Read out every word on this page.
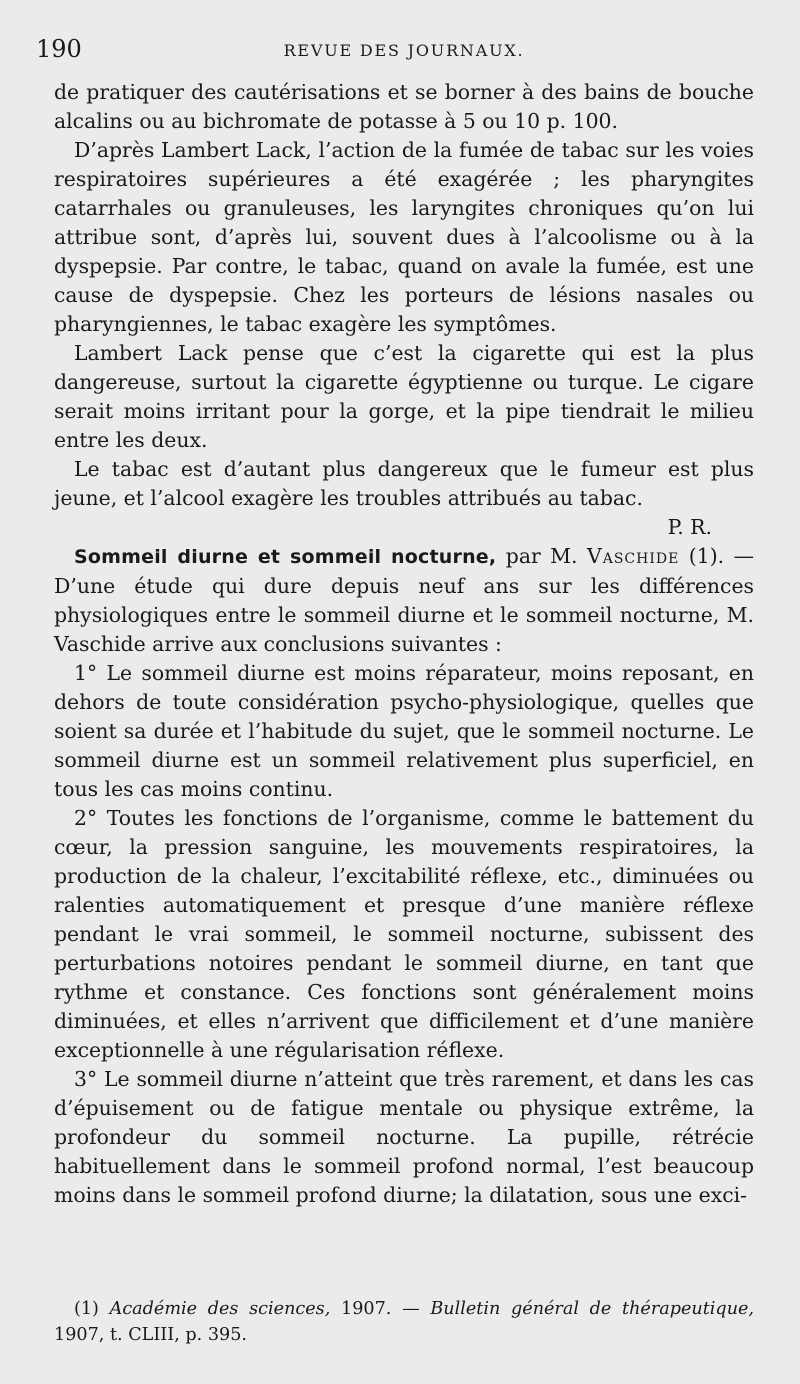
190	REVUE DES JOURNAUX.

de pratiquer des cautérisations et se borner à des bains de bouche alcalins ou au bichromate de potasse à 5 ou 10 p. 100.

D’après Lambert Lack, l’action de la fumée de tabac sur les voies respiratoires supérieures a été exagérée ; les pharyngites catarrhales ou granuleuses, les laryngites chroniques qu’on lui attribue sont, d’après lui, souvent dues à l’alcoolisme ou à la dyspepsie. Par contre, le tabac, quand on avale la fumée, est une cause de dyspepsie. Chez les porteurs de lésions nasales ou pharyngiennes, le tabac exagère les symptômes.

Lambert Lack pense que c’est la cigarette qui est la plus dangereuse, surtout la cigarette égyptienne ou turque. Le cigare serait moins irritant pour la gorge, et la pipe tiendrait le milieu entre les deux.

Le tabac est d’autant plus dangereux que le fumeur est plus jeune, et l’alcool exagère les troubles attribués au tabac.

P. R.

Sommeil diurne et sommeil nocturne, par M. Vaschide (1). — D’une étude qui dure depuis neuf ans sur les différences physiologiques entre le sommeil diurne et le sommeil nocturne, M. Vaschide arrive aux conclusions suivantes :

1° Le sommeil diurne est moins réparateur, moins reposant, en dehors de toute considération psycho-physiologique, quelles que soient sa durée et l’habitude du sujet, que le sommeil nocturne. Le sommeil diurne est un sommeil relativement plus superficiel, en tous les cas moins continu.

2° Toutes les fonctions de l’organisme, comme le battement du cœur, la pression sanguine, les mouvements respiratoires, la production de la chaleur, l’excitabilité réflexe, etc., diminuées ou ralenties automatiquement et presque d’une manière réflexe pendant le vrai sommeil, le sommeil nocturne, subissent des perturbations notoires pendant le sommeil diurne, en tant que rythme et constance. Ces fonctions sont généralement moins diminuées, et elles n’arrivent que difficilement et d’une manière exceptionnelle à une régularisation réflexe.

3° Le sommeil diurne n’atteint que très rarement, et dans les cas d’épuisement ou de fatigue mentale ou physique extrême, la profondeur du sommeil nocturne. La pupille, rétrécie habituellement dans le sommeil profond normal, l’est beaucoup moins dans le sommeil profond diurne; la dilatation, sous une exci-

(1) Académie des sciences, 1907. — Bulletin général de thérapeutique, 1907, t. CLIII, p. 395.
